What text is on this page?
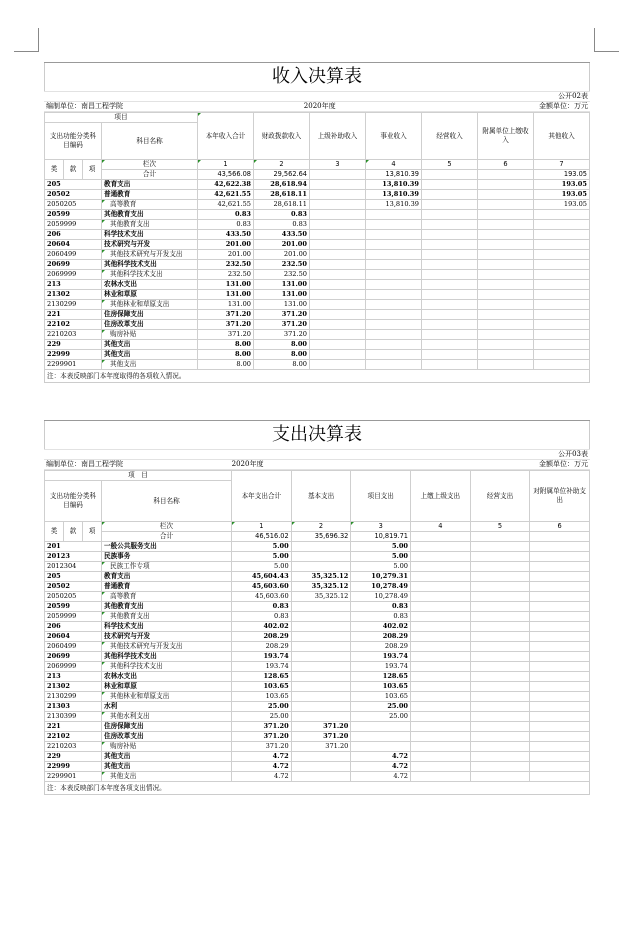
收入决算表
		公开02表
编制单位：南昌工程学院	2020年度	金额单位：万元
项目				本年收入合计	财政拨款收入	上级补助收入	事业收入	经营收入	附属单位上缴收入	其他收入
支出功能分类科目编码			科目名称							

类	款	项	栏次	1	2	3	4	5	6	7
			合计	43,566.08	29,562.64		13,810.39			193.05
205			教育支出	42,622.38	28,618.94		13,810.39			193.05
20502			普通教育	42,621.55	28,618.11		13,810.39			193.05
2050205			高等教育	42,621.55	28,618.11		13,810.39			193.05
20599			其他教育支出	0.83	0.83					
2059999			其他教育支出	0.83	0.83					
206			科学技术支出	433.50	433.50					
20604			技术研究与开发	201.00	201.00					
2060499			其他技术研究与开发支出	201.00	201.00					
20699			其他科学技术支出	232.50	232.50					
2069999			其他科学技术支出	232.50	232.50					
213			农林水支出	131.00	131.00					
21302			林业和草原	131.00	131.00					
2130299			其他林业和草原支出	131.00	131.00					
221			住房保障支出	371.20	371.20					
22102			住房改革支出	371.20	371.20					
2210203			购房补贴	371.20	371.20					
229			其他支出	8.00	8.00					
22999			其他支出	8.00	8.00					
2299901			其他支出	8.00	8.00					
注：本表反映部门本年度取得的各项收入情况。
支出决算表
		公开03表
编制单位：南昌工程学院	2020年度	金额单位：万元
项　目				本年支出合计	基本支出	项目支出	上缴上级支出	经营支出	对附属单位补助支出
支出功能分类科目编码			科目名称						

类	款	项	栏次	1	2	3	4	5	6
			合计	46,516.02	35,696.32	10,819.71			
201			一般公共服务支出	5.00		5.00			
20123			民族事务	5.00		5.00			
2012304			民族工作专项	5.00		5.00			
205			教育支出	45,604.43	35,325.12	10,279.31			
20502			普通教育	45,603.60	35,325.12	10,278.49			
2050205			高等教育	45,603.60	35,325.12	10,278.49			
20599			其他教育支出	0.83		0.83			
2059999			其他教育支出	0.83		0.83			
206			科学技术支出	402.02		402.02			
20604			技术研究与开发	208.29		208.29			
2060499			其他技术研究与开发支出	208.29		208.29			
20699			其他科学技术支出	193.74		193.74			
2069999			其他科学技术支出	193.74		193.74			
213			农林水支出	128.65		128.65			
21302			林业和草原	103.65		103.65			
2130299			其他林业和草原支出	103.65		103.65			
21303			水利	25.00		25.00			
2130399			其他水利支出	25.00		25.00			
221			住房保障支出	371.20	371.20				
22102			住房改革支出	371.20	371.20				
2210203			购房补贴	371.20	371.20				
229			其他支出	4.72		4.72			
22999			其他支出	4.72		4.72			
2299901			其他支出	4.72		4.72			
注：本表反映部门本年度各项支出情况。
